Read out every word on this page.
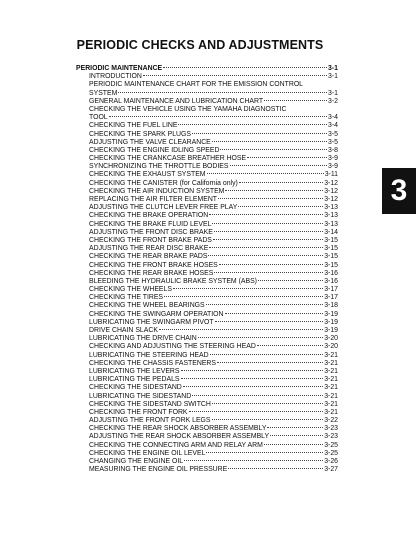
PERIODIC CHECKS AND ADJUSTMENTS
PERIODIC MAINTENANCE	3-1
INTRODUCTION	3-1
PERIODIC MAINTENANCE CHART FOR THE EMISSION CONTROL
SYSTEM	3-1
GENERAL MAINTENANCE AND LUBRICATION CHART	3-2
CHECKING THE VEHICLE USING THE YAMAHA DIAGNOSTIC
TOOL	3-4
CHECKING THE FUEL LINE	3-4
CHECKING THE SPARK PLUGS	3-5
ADJUSTING THE VALVE CLEARANCE	3-5
CHECKING THE ENGINE IDLING SPEED	3-8
CHECKING THE CRANKCASE BREATHER HOSE	3-9
SYNCHRONIZING THE THROTTLE BODIES	3-9
CHECKING THE EXHAUST SYSTEM	3-11
CHECKING THE CANISTER (for California only)	3-12
CHECKING THE AIR INDUCTION SYSTEM	3-12
REPLACING THE AIR FILTER ELEMENT	3-12
ADJUSTING THE CLUTCH LEVER FREE PLAY	3-13
CHECKING THE BRAKE OPERATION	3-13
CHECKING THE BRAKE FLUID LEVEL	3-13
ADJUSTING THE FRONT DISC BRAKE	3-14
CHECKING THE FRONT BRAKE PADS	3-15
ADJUSTING THE REAR DISC BRAKE	3-15
CHECKING THE REAR BRAKE PADS	3-15
CHECKING THE FRONT BRAKE HOSES	3-15
CHECKING THE REAR BRAKE HOSES	3-16
BLEEDING THE HYDRAULIC BRAKE SYSTEM (ABS)	3-16
CHECKING THE WHEELS	3-17
CHECKING THE TIRES	3-17
CHECKING THE WHEEL BEARINGS	3-18
CHECKING THE SWINGARM OPERATION	3-19
LUBRICATING THE SWINGARM PIVOT	3-19
DRIVE CHAIN SLACK	3-19
LUBRICATING THE DRIVE CHAIN	3-20
CHECKING AND ADJUSTING THE STEERING HEAD	3-20
LUBRICATING THE STEERING HEAD	3-21
CHECKING THE CHASSIS FASTENERS	3-21
LUBRICATING THE LEVERS	3-21
LUBRICATING THE PEDALS	3-21
CHECKING THE SIDESTAND	3-21
LUBRICATING THE SIDESTAND	3-21
CHECKING THE SIDESTAND SWITCH	3-21
CHECKING THE FRONT FORK	3-21
ADJUSTING THE FRONT FORK LEGS	3-22
CHECKING THE REAR SHOCK ABSORBER ASSEMBLY	3-23
ADJUSTING THE REAR SHOCK ABSORBER ASSEMBLY	3-23
CHECKING THE CONNECTING ARM AND RELAY ARM	3-25
CHECKING THE ENGINE OIL LEVEL	3-25
CHANGING THE ENGINE OIL	3-26
MEASURING THE ENGINE OIL PRESSURE	3-27
3
